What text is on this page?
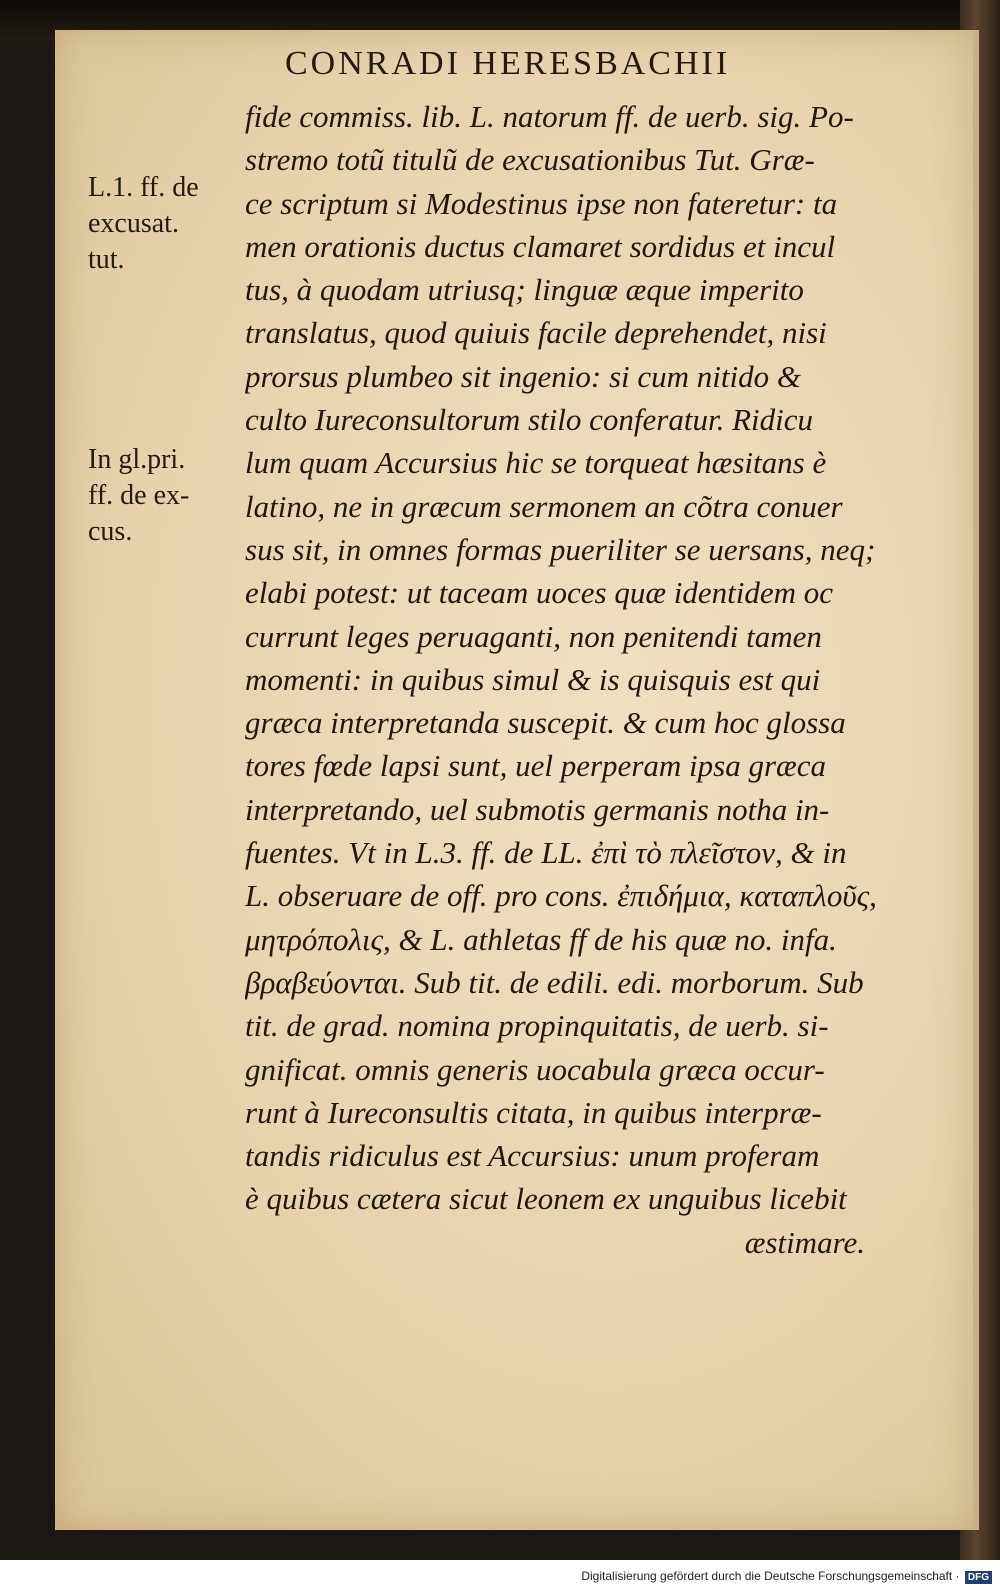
CONRADI HERESBACHII
L.1. ff. de
excusat.
tut.
In gl.pri.
ff. de ex-
cus.
fide commiss. lib. L. natorum ff. de uerb. sig. Po-
stremo totũ titulũ de excusationibus Tut. Græ-
ce scriptum si Modestinus ipse non fateretur: ta
men orationis ductus clamaret sordidus et incul
tus, à quodam utriusq; linguæ æque imperito
translatus, quod quiuis facile deprehendet, nisi
prorsus plumbeo sit ingenio: si cum nitido &
culto Iureconsultorum stilo conferatur. Ridicu
lum quam Accursius hic se torqueat hæsitans è
latino, ne in græcum sermonem an cõtra conuer
sus sit, in omnes formas pueriliter se uersans, neq;
elabi potest: ut taceam uoces quæ identidem oc
currunt leges peruaganti, non penitendi tamen
momenti: in quibus simul & is quisquis est qui
græca interpretanda suscepit. & cum hoc glossa
tores fœde lapsi sunt, uel perperam ipsa græca
interpretando, uel submotis germanis notha in-
fuentes. Vt in L.3. ff. de LL. ἐπὶ τὸ πλεῖστον, & in
L. obseruare de off. pro cons. ἐπιδήμια, καταπλοῦς,
μητρόπολις, & L. athletas ff de his quæ no. infa.
βραβεύονται. Sub tit. de edili. edi. morborum. Sub
tit. de grad. nomina propinquitatis, de uerb. si-
gnificat. omnis generis uocabula græca occur-
runt à Iureconsultis citata, in quibus interpræ-
tandis ridiculus est Accursius: unum proferam
è quibus cætera sicut leonem ex unguibus licebit
æstimare.
Digitalisierung gefördert durch die Deutsche Forschungsgemeinschaft · DFG
